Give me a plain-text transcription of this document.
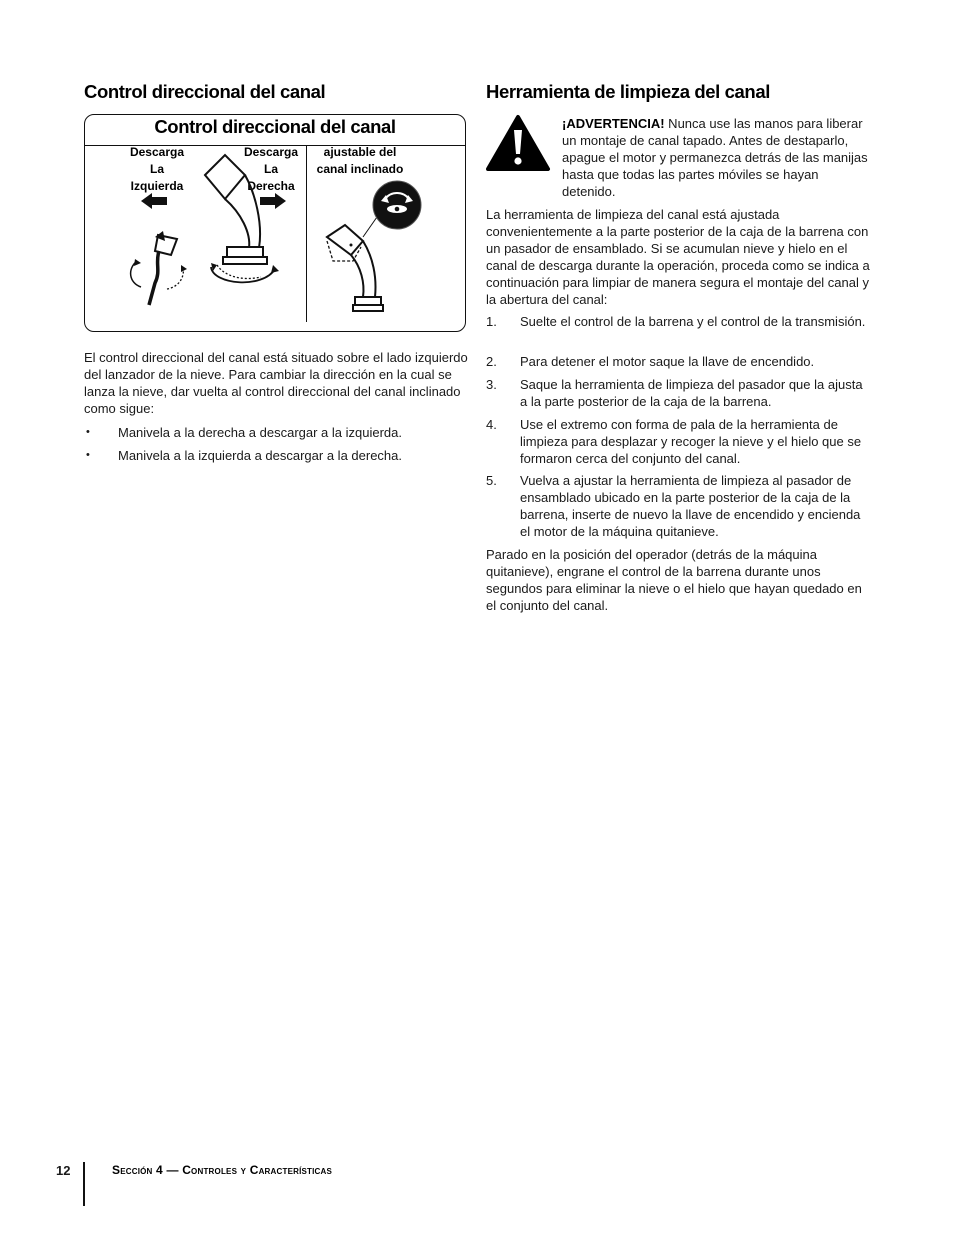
Control direccional del canal
Control direccional del canal
Descarga
La
Izquierda
Descarga
La
Derecha
ajustable del
canal inclinado

El control direccional del canal está situado sobre el lado izquierdo del lanzador de la nieve. Para cambiar la dirección en la cual se lanza la nieve, dar vuelta al control direccional del canal inclinado como sigue:

• Manivela a la derecha a descargar a la izquierda.
• Manivela a la izquierda a descargar a la derecha.
Herramienta de limpieza del canal

¡ADVERTENCIA! Nunca use las manos para liberar un montaje de canal tapado. Antes de destaparlo, apague el motor y permanezca detrás de las manijas hasta que todas las partes móviles se hayan detenido.

La herramienta de limpieza del canal está ajustada convenientemente a la parte posterior de la caja de la barrena con un pasador de ensamblado. Si se acumulan nieve y hielo en el canal de descarga durante la operación, proceda como se indica a continuación para limpiar de manera segura el montaje del canal y la abertura del canal:

1. Suelte el control de la barrena y el control de la transmisión.
2. Para detener el motor saque la llave de encendido.
3. Saque la herramienta de limpieza del pasador que la ajusta a la parte posterior de la caja de la barrena.
4. Use el extremo con forma de pala de la herramienta de limpieza para desplazar y recoger la nieve y el hielo que se formaron cerca del conjunto del canal.
5. Vuelva a ajustar la herramienta de limpieza al pasador de ensamblado ubicado en la parte posterior de la caja de la barrena, inserte de nuevo la llave de encendido y encienda el motor de la máquina quitanieve.

Parado en la posición del operador (detrás de la máquina quitanieve), engrane el control de la barrena durante unos segundos para eliminar la nieve o el hielo que hayan quedado en el conjunto del canal.

12	Sección 4 — Controles y Características
